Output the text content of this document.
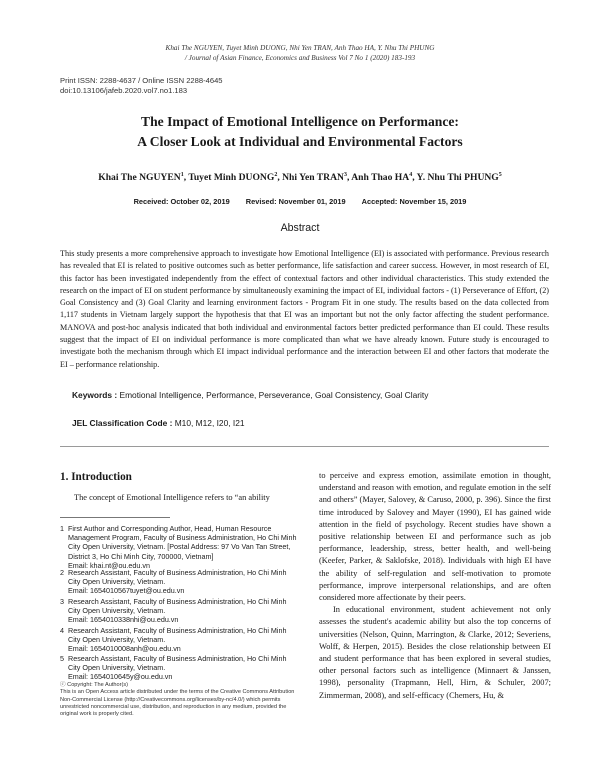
Khai The NGUYEN, Tuyet Minh DUONG, Nhi Yen TRAN, Anh Thao HA, Y. Nhu Thi PHUNG
/ Journal of Asian Finance, Economics and Business Vol 7 No 1 (2020) 183-193
Print ISSN: 2288-4637 / Online ISSN 2288-4645
doi:10.13106/jafeb.2020.vol7.no1.183
The Impact of Emotional Intelligence on Performance:
A Closer Look at Individual and Environmental Factors
Khai The NGUYEN$^1$, Tuyet Minh DUONG$^2$, Nhi Yen TRAN$^3$, Anh Thao $HA^4$, Y. Nhu Thi PHUNG$^5$
Received: October 02, 2019 Revised: November 01, 2019 Accepted: November 15, 2019
Abstract
This study presents a more comprehensive approach to investigate how Emotional Intelligence (EI) is associated with performance. Previous research has revealed that EI is related to positive outcomes such as better performance, life satisfaction and career success. However, in most research of EI, this factor has been investigated independently from the effect of contextual factors and other individual characteristics. This study extended the research on the impact of EI on student performance by simultaneously examining the impact of EI, individual factors - (1) Perseverance of Effort, (2) Goal Consistency and (3) Goal Clarity and learning environment factors - Program Fit in one study. The results based on the data collected from 1,117 students in Vietnam largely support the hypothesis that that EI was an important but not the only factor affecting the student performance. MANOVA and post-hoc analysis indicated that both individual and environmental factors better predicted performance than EI could. These results suggest that the impact of EI on individual performance is more complicated than what we have already known. Future study is encouraged to investigate both the mechanism through which EI impact individual performance and the interaction between EI and other factors that moderate the EI – performance relationship.
Keywords : Emotional Intelligence, Performance, Perseverance, Goal Consistency, Goal Clarity
JEL Classification Code : M10, M12, I20, I21
1. Introduction
The concept of Emotional Intelligence refers to “an ability
1 First Author and Corresponding Author, Head, Human Resource Management Program, Faculty of Business Administration, Ho Chi Minh City Open University, Vietnam. [Postal Address: 97 Vo Van Tan Street, District 3, Ho Chi Minh City, 700000, Vietnam]
Email: khai.nt@ou.edu.vn
2 Research Assistant, Faculty of Business Administration, Ho Chi Minh City Open University, Vietnam.
Email: 1654010567tuyet@ou.edu.vn
3 Research Assistant, Faculty of Business Administration, Ho Chi Minh City Open University, Vietnam.
Email: 1654010338nhi@ou.edu.vn
4 Research Assistant, Faculty of Business Administration, Ho Chi Minh City Open University, Vietnam.
Email: 1654010008anh@ou.edu.vn
5 Research Assistant, Faculty of Business Administration, Ho Chi Minh City Open University, Vietnam.
Email: 1654010645y@ou.edu.vn
ⓒ Copyright: The Author(s)
This is an Open Access article distributed under the terms of the Creative Commons Attribution Non-Commercial License (http://Creativecommons.org/licenses/by-nc/4.0/) which permits unrestricted noncommercial use, distribution, and reproduction in any medium, provided the original work is properly cited.

to perceive and express emotion, assimilate emotion in thought, understand and reason with emotion, and regulate emotion in the self and others” (Mayer, Salovey, & Caruso, 2000, p. 396). Since the first time introduced by Salovey and Mayer (1990), EI has gained wide attention in the field of psychology. Recent studies have shown a positive relationship between EI and performance such as job performance, leadership, stress, better health, and well-being (Keefer, Parker, & Saklofske, 2018). Individuals with high EI have the ability of self-regulation and self-motivation to promote performance, improve interpersonal relationships, and are often considered more affectionate by their peers.

In educational environment, student achievement not only assesses the student's academic ability but also the top concerns of universities (Nelson, Quinn, Marrington, & Clarke, 2012; Severiens, Wolff, & Herpen, 2015). Besides the close relationship between EI and student performance that has been explored in several studies, other personal factors such as intelligence (Minnaert & Janssen, 1998), personality (Trapmann, Hell, Hirn, & Schuler, 2007; Zimmerman, 2008), and self-efficacy (Chemers, Hu, &
